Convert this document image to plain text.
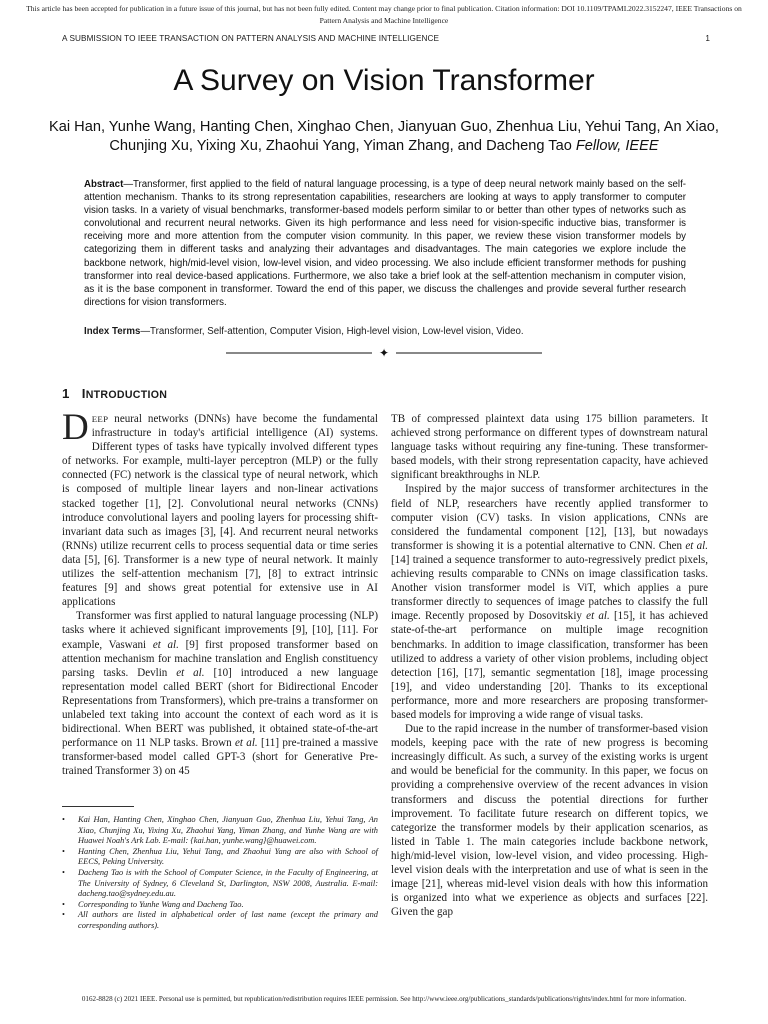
This article has been accepted for publication in a future issue of this journal, but has not been fully edited. Content may change prior to final publication. Citation information: DOI 10.1109/TPAMI.2022.3152247, IEEE Transactions on Pattern Analysis and Machine Intelligence
A SUBMISSION TO IEEE TRANSACTION ON PATTERN ANALYSIS AND MACHINE INTELLIGENCE	1
A Survey on Vision Transformer
Kai Han, Yunhe Wang, Hanting Chen, Xinghao Chen, Jianyuan Guo, Zhenhua Liu, Yehui Tang, An Xiao, Chunjing Xu, Yixing Xu, Zhaohui Yang, Yiman Zhang, and Dacheng Tao Fellow, IEEE
Abstract—Transformer, first applied to the field of natural language processing, is a type of deep neural network mainly based on the self-attention mechanism. Thanks to its strong representation capabilities, researchers are looking at ways to apply transformer to computer vision tasks. In a variety of visual benchmarks, transformer-based models perform similar to or better than other types of networks such as convolutional and recurrent neural networks. Given its high performance and less need for vision-specific inductive bias, transformer is receiving more and more attention from the computer vision community. In this paper, we review these vision transformer models by categorizing them in different tasks and analyzing their advantages and disadvantages. The main categories we explore include the backbone network, high/mid-level vision, low-level vision, and video processing. We also include efficient transformer methods for pushing transformer into real device-based applications. Furthermore, we also take a brief look at the self-attention mechanism in computer vision, as it is the base component in transformer. Toward the end of this paper, we discuss the challenges and provide several further research directions for vision transformers.
Index Terms—Transformer, Self-attention, Computer Vision, High-level vision, Low-level vision, Video.
✦
1 INTRODUCTION

DEEP neural networks (DNNs) have become the fundamental infrastructure in today's artificial intelligence (AI) systems. Different types of tasks have typically involved different types of networks. For example, multi-layer perceptron (MLP) or the fully connected (FC) network is the classical type of neural network, which is composed of multiple linear layers and non-linear activations stacked together [1], [2]. Convolutional neural networks (CNNs) introduce convolutional layers and pooling layers for processing shift-invariant data such as images [3], [4]. And recurrent neural networks (RNNs) utilize recurrent cells to process sequential data or time series data [5], [6]. Transformer is a new type of neural network. It mainly utilizes the self-attention mechanism [7], [8] to extract intrinsic features [9] and shows great potential for extensive use in AI applications

Transformer was first applied to natural language processing (NLP) tasks where it achieved significant improvements [9], [10], [11]. For example, Vaswani et al. [9] first proposed transformer based on attention mechanism for machine translation and English constituency parsing tasks. Devlin et al. [10] introduced a new language representation model called BERT (short for Bidirectional Encoder Representations from Transformers), which pre-trains a transformer on unlabeled text taking into account the context of each word as it is bidirectional. When BERT was published, it obtained state-of-the-art performance on 11 NLP tasks. Brown et al. [11] pre-trained a massive transformer-based model called GPT-3 (short for Generative Pre-trained Transformer 3) on 45

• Kai Han, Hanting Chen, Xinghao Chen, Jianyuan Guo, Zhenhua Liu, Yehui Tang, An Xiao, Chunjing Xu, Yixing Xu, Zhaohui Yang, Yiman Zhang, and Yunhe Wang are with Huawei Noah's Ark Lab. E-mail: {kai.han, yunhe.wang}@huawei.com.
• Hanting Chen, Zhenhua Liu, Yehui Tang, and Zhaohui Yang are also with School of EECS, Peking University.
• Dacheng Tao is with the School of Computer Science, in the Faculty of Engineering, at The University of Sydney, 6 Cleveland St, Darlington, NSW 2008, Australia. E-mail: dacheng.tao@sydney.edu.au.
• Corresponding to Yunhe Wang and Dacheng Tao.
• All authors are listed in alphabetical order of last name (except the primary and corresponding authors).

TB of compressed plaintext data using 175 billion parameters. It achieved strong performance on different types of downstream natural language tasks without requiring any fine-tuning. These transformer-based models, with their strong representation capacity, have achieved significant breakthroughs in NLP.

Inspired by the major success of transformer architectures in the field of NLP, researchers have recently applied transformer to computer vision (CV) tasks. In vision applications, CNNs are considered the fundamental component [12], [13], but nowadays transformer is showing it is a potential alternative to CNN. Chen et al. [14] trained a sequence transformer to auto-regressively predict pixels, achieving results comparable to CNNs on image classification tasks. Another vision transformer model is ViT, which applies a pure transformer directly to sequences of image patches to classify the full image. Recently proposed by Dosovitskiy et al. [15], it has achieved state-of-the-art performance on multiple image recognition benchmarks. In addition to image classification, transformer has been utilized to address a variety of other vision problems, including object detection [16], [17], semantic segmentation [18], image processing [19], and video understanding [20]. Thanks to its exceptional performance, more and more researchers are proposing transformer-based models for improving a wide range of visual tasks.

Due to the rapid increase in the number of transformer-based vision models, keeping pace with the rate of new progress is becoming increasingly difficult. As such, a survey of the existing works is urgent and would be beneficial for the community. In this paper, we focus on providing a comprehensive overview of the recent advances in vision transformers and discuss the potential directions for further improvement. To facilitate future research on different topics, we categorize the transformer models by their application scenarios, as listed in Table 1. The main categories include backbone network, high/mid-level vision, low-level vision, and video processing. High-level vision deals with the interpretation and use of what is seen in the image [21], whereas mid-level vision deals with how this information is organized into what we experience as objects and surfaces [22]. Given the gap

0162-8828 (c) 2021 IEEE. Personal use is permitted, but republication/redistribution requires IEEE permission. See http://www.ieee.org/publications_standards/publications/rights/index.html for more information.
